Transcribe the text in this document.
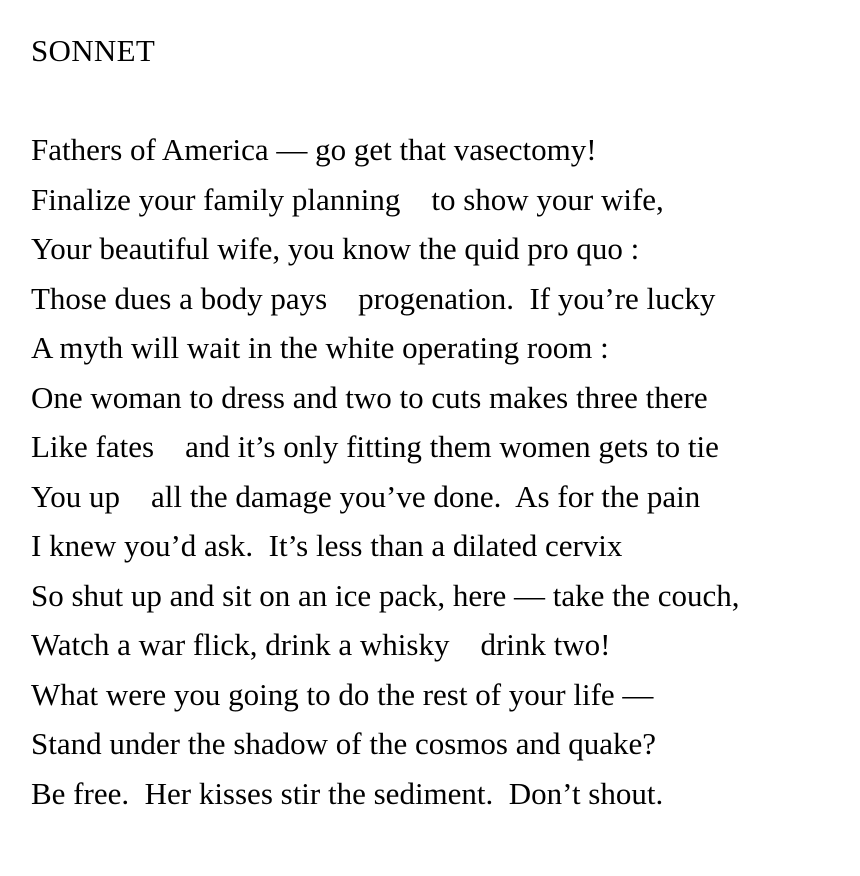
SONNET
Fathers of America — go get that vasectomy!
Finalize your family planning    to show your wife,
Your beautiful wife, you know the quid pro quo :
Those dues a body pays    progenation.  If you’re lucky
A myth will wait in the white operating room :
One woman to dress and two to cuts makes three there
Like fates    and it’s only fitting them women gets to tie
You up    all the damage you’ve done.  As for the pain
I knew you’d ask.  It’s less than a dilated cervix
So shut up and sit on an ice pack, here — take the couch,
Watch a war flick, drink a whisky    drink two!
What were you going to do the rest of your life —
Stand under the shadow of the cosmos and quake?
Be free.  Her kisses stir the sediment.  Don’t shout.
